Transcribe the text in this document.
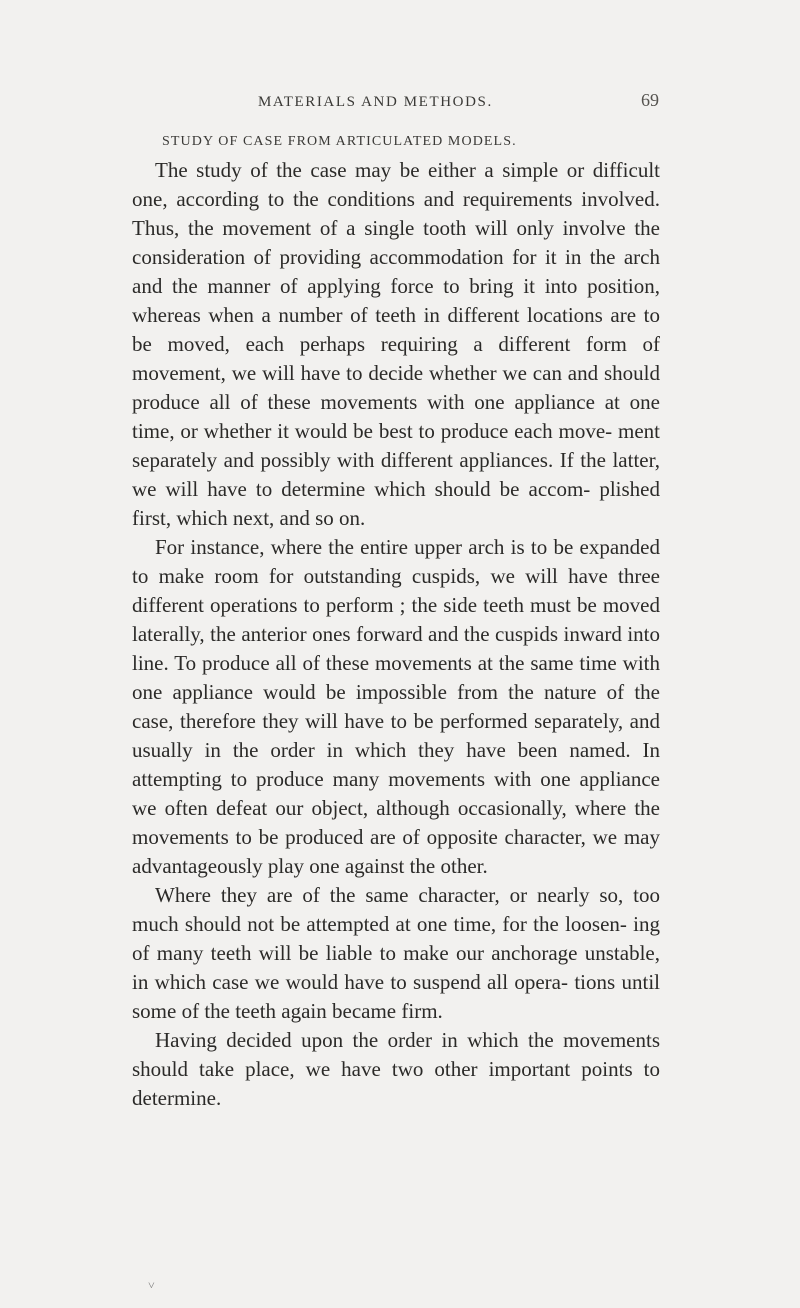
MATERIALS AND METHODS.	69
STUDY OF CASE FROM ARTICULATED MODELS.

The study of the case may be either a simple or difficult one, according to the conditions and requirements involved. Thus, the movement of a single tooth will only involve the consideration of providing accommodation for it in the arch and the manner of applying force to bring it into position, whereas when a number of teeth in different locations are to be moved, each perhaps requiring a different form of movement, we will have to decide whether we can and should produce all of these movements with one appliance at one time, or whether it would be best to produce each move- ment separately and possibly with different appliances. If the latter, we will have to determine which should be accom- plished first, which next, and so on.

For instance, where the entire upper arch is to be expanded to make room for outstanding cuspids, we will have three different operations to perform ; the side teeth must be moved laterally, the anterior ones forward and the cuspids inward into line. To produce all of these movements at the same time with one appliance would be impossible from the nature of the case, therefore they will have to be performed separately, and usually in the order in which they have been named. In attempting to produce many movements with one appliance we often defeat our object, although occasionally, where the movements to be produced are of opposite character, we may advantageously play one against the other.

Where they are of the same character, or nearly so, too much should not be attempted at one time, for the loosen- ing of many teeth will be liable to make our anchorage unstable, in which case we would have to suspend all opera- tions until some of the teeth again became firm.

Having decided upon the order in which the movements should take place, we have two other important points to determine.

˅
